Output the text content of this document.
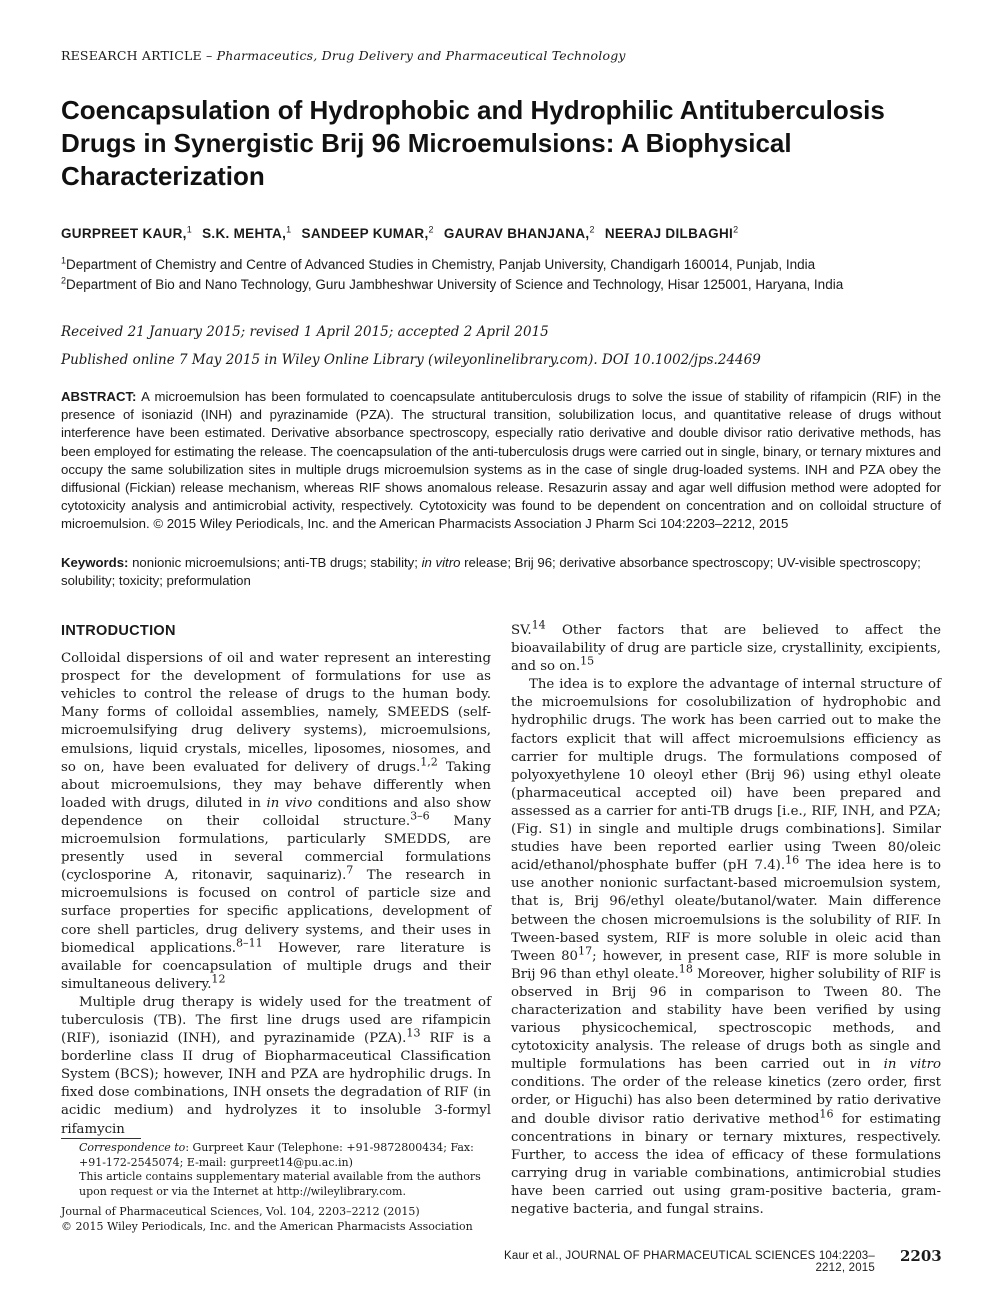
RESEARCH ARTICLE – Pharmaceutics, Drug Delivery and Pharmaceutical Technology
Coencapsulation of Hydrophobic and Hydrophilic Antituberculosis Drugs in Synergistic Brij 96 Microemulsions: A Biophysical Characterization
GURPREET KAUR,$^1$ S.K. MEHTA,$^1$ SANDEEP KUMAR,$^2$ GAURAV BHANJANA,$^2$ NEERAJ DILBAGHI$^2$
$^1$Department of Chemistry and Centre of Advanced Studies in Chemistry, Panjab University, Chandigarh 160014, Punjab, India
$^2$Department of Bio and Nano Technology, Guru Jambheshwar University of Science and Technology, Hisar 125001, Haryana, India
Received 21 January 2015; revised 1 April 2015; accepted 2 April 2015
Published online 7 May 2015 in Wiley Online Library (wileyonlinelibrary.com). DOI 10.1002/jps.24469

ABSTRACT: A microemulsion has been formulated to coencapsulate antituberculosis drugs to solve the issue of stability of rifampicin (RIF) in the presence of isoniazid (INH) and pyrazinamide (PZA). The structural transition, solubilization locus, and quantitative release of drugs without interference have been estimated. Derivative absorbance spectroscopy, especially ratio derivative and double divisor ratio derivative methods, has been employed for estimating the release. The coencapsulation of the anti-tuberculosis drugs were carried out in single, binary, or ternary mixtures and occupy the same solubilization sites in multiple drugs microemulsion systems as in the case of single drug-loaded systems. INH and PZA obey the diffusional (Fickian) release mechanism, whereas RIF shows anomalous release. Resazurin assay and agar well diffusion method were adopted for cytotoxicity analysis and antimicrobial activity, respectively. Cytotoxicity was found to be dependent on concentration and on colloidal structure of microemulsion. © 2015 Wiley Periodicals, Inc. and the American Pharmacists Association J Pharm Sci 104:2203–2212, 2015

Keywords: nonionic microemulsions; anti-TB drugs; stability; in vitro release; Brij 96; derivative absorbance spectroscopy; UV-visible spectroscopy; solubility; toxicity; preformulation

INTRODUCTION

Colloidal dispersions of oil and water represent an interesting prospect for the development of formulations for use as vehicles to control the release of drugs to the human body. Many forms of colloidal assemblies, namely, SMEEDS (self-microemulsifying drug delivery systems), microemulsions, emulsions, liquid crystals, micelles, liposomes, niosomes, and so on, have been evaluated for delivery of drugs.$^{1,2}$ Taking about microemulsions, they may behave differently when loaded with drugs, diluted in in vivo conditions and also show dependence on their colloidal structure.$^{3-6}$ Many microemulsion formulations, particularly SMEDDS, are presently used in several commercial formulations (cyclosporine A, ritonavir, saquinariz).$^7$ The research in microemulsions is focused on control of particle size and surface properties for specific applications, development of core shell particles, drug delivery systems, and their uses in biomedical applications.$^{8-11}$ However, rare literature is available for coencapsulation of multiple drugs and their simultaneous delivery.$^{12}$

Multiple drug therapy is widely used for the treatment of tuberculosis (TB). The first line drugs used are rifampicin (RIF), isoniazid (INH), and pyrazinamide (PZA).$^{13}$ RIF is a borderline class II drug of Biopharmaceutical Classification System (BCS); however, INH and PZA are hydrophilic drugs. In fixed dose combinations, INH onsets the degradation of RIF (in acidic medium) and hydrolyzes it to insoluble 3-formyl rifamycin

SV.$^{14}$ Other factors that are believed to affect the bioavailability of drug are particle size, crystallinity, excipients, and so on.$^{15}$

The idea is to explore the advantage of internal structure of the microemulsions for cosolubilization of hydrophobic and hydrophilic drugs. The work has been carried out to make the factors explicit that will affect microemulsions efficiency as carrier for multiple drugs. The formulations composed of polyoxyethylene 10 oleoyl ether (Brij 96) using ethyl oleate (pharmaceutical accepted oil) have been prepared and assessed as a carrier for anti-TB drugs [i.e., RIF, INH, and PZA; (Fig. S1) in single and multiple drugs combinations]. Similar studies have been reported earlier using Tween 80/oleic acid/ethanol/phosphate buffer (pH 7.4).$^{16}$ The idea here is to use another nonionic surfactant-based microemulsion system, that is, Brij 96/ethyl oleate/butanol/water. Main difference between the chosen microemulsions is the solubility of RIF. In Tween-based system, RIF is more soluble in oleic acid than Tween $80^{17}$; however, in present case, RIF is more soluble in Brij 96 than ethyl oleate.$^{18}$ Moreover, higher solubility of RIF is observed in Brij 96 in comparison to Tween 80. The characterization and stability have been verified by using various physicochemical, spectroscopic methods, and cytotoxicity analysis. The release of drugs both as single and multiple formulations has been carried out in in vitro conditions. The order of the release kinetics (zero order, first order, or Higuchi) has also been determined by ratio derivative and double divisor ratio derivative method$^{16}$ for estimating concentrations in binary or ternary mixtures, respectively. Further, to access the idea of efficacy of these formulations carrying drug in variable combinations, antimicrobial studies have been carried out using gram-positive bacteria, gram-negative bacteria, and fungal strains.

Correspondence to: Gurpreet Kaur (Telephone: +91-9872800434; Fax: +91-172-2545074; E-mail: gurpreet14@pu.ac.in)

This article contains supplementary material available from the authors upon request or via the Internet at http://wileylibrary.com.

Journal of Pharmaceutical Sciences, Vol. 104, 2203–2212 (2015)

© 2015 Wiley Periodicals, Inc. and the American Pharmacists Association

Kaur et al., JOURNAL OF PHARMACEUTICAL SCIENCES 104:2203–2212, 2015
2203
